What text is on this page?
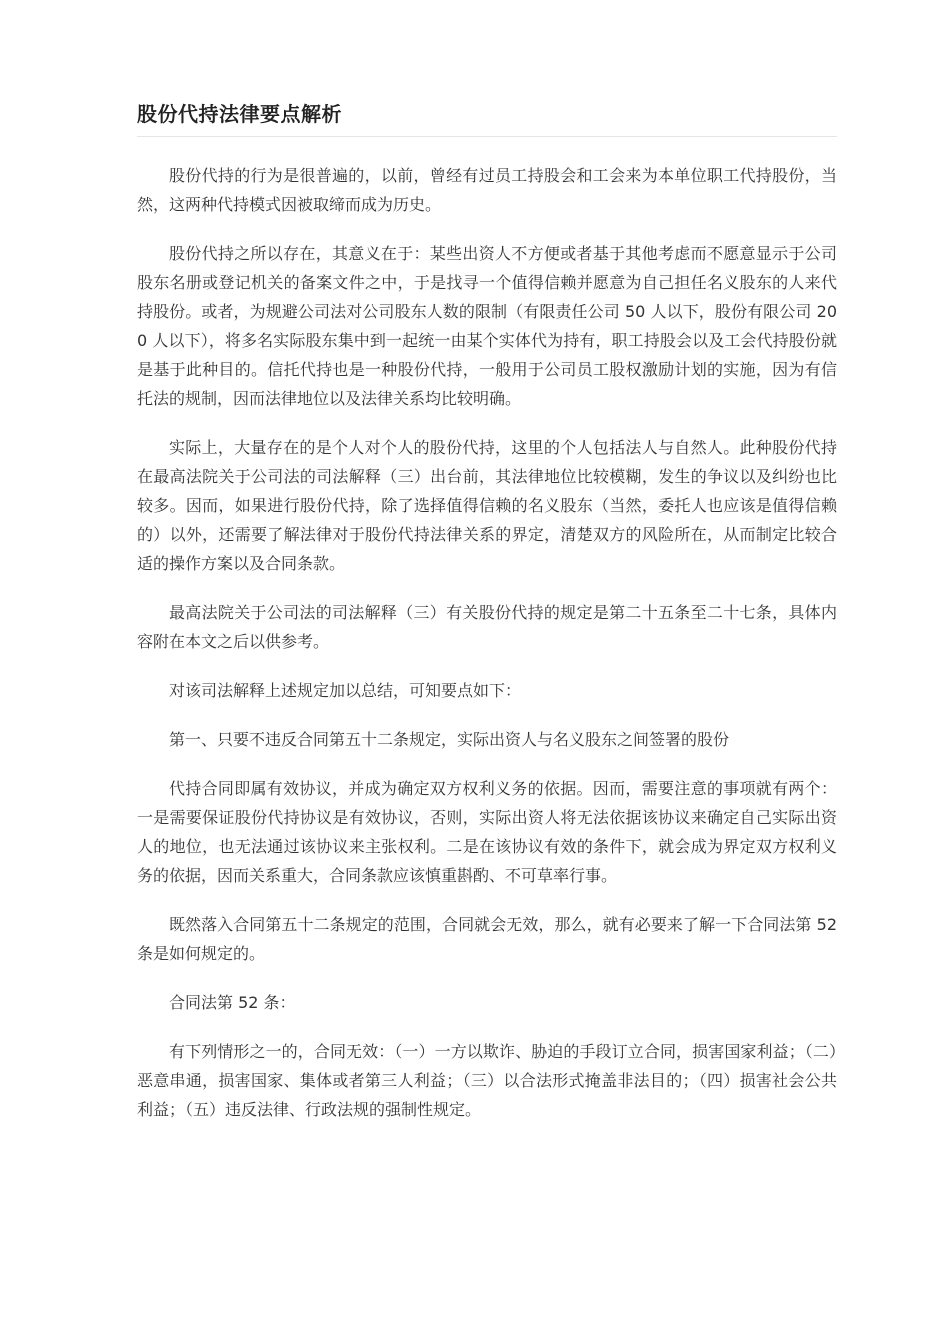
股份代持法律要点解析

股份代持的行为是很普遍的，以前，曾经有过员工持股会和工会来为本单位职工代持股份，当然，这两种代持模式因被取缔而成为历史。

股份代持之所以存在，其意义在于：某些出资人不方便或者基于其他考虑而不愿意显示于公司股东名册或登记机关的备案文件之中，于是找寻一个值得信赖并愿意为自己担任名义股东的人来代持股份。或者，为规避公司法对公司股东人数的限制（有限责任公司 50 人以下，股份有限公司 200 人以下），将多名实际股东集中到一起统一由某个实体代为持有，职工持股会以及工会代持股份就是基于此种目的。信托代持也是一种股份代持，一般用于公司员工股权激励计划的实施，因为有信托法的规制，因而法律地位以及法律关系均比较明确。

实际上，大量存在的是个人对个人的股份代持，这里的个人包括法人与自然人。此种股份代持在最高法院关于公司法的司法解释（三）出台前，其法律地位比较模糊，发生的争议以及纠纷也比较多。因而，如果进行股份代持，除了选择值得信赖的名义股东（当然，委托人也应该是值得信赖的）以外，还需要了解法律对于股份代持法律关系的界定，清楚双方的风险所在，从而制定比较合适的操作方案以及合同条款。

最高法院关于公司法的司法解释（三）有关股份代持的规定是第二十五条至二十七条，具体内容附在本文之后以供参考。

对该司法解释上述规定加以总结，可知要点如下：

第一、只要不违反合同第五十二条规定，实际出资人与名义股东之间签署的股份

代持合同即属有效协议，并成为确定双方权利义务的依据。因而，需要注意的事项就有两个：一是需要保证股份代持协议是有效协议，否则，实际出资人将无法依据该协议来确定自己实际出资人的地位，也无法通过该协议来主张权利。二是在该协议有效的条件下，就会成为界定双方权利义务的依据，因而关系重大，合同条款应该慎重斟酌、不可草率行事。

既然落入合同第五十二条规定的范围，合同就会无效，那么，就有必要来了解一下合同法第 52 条是如何规定的。

合同法第 52 条：

有下列情形之一的，合同无效：（一）一方以欺诈、胁迫的手段订立合同，损害国家利益；（二）恶意串通，损害国家、集体或者第三人利益；（三）以合法形式掩盖非法目的；（四）损害社会公共利益；（五）违反法律、行政法规的强制性规定。
